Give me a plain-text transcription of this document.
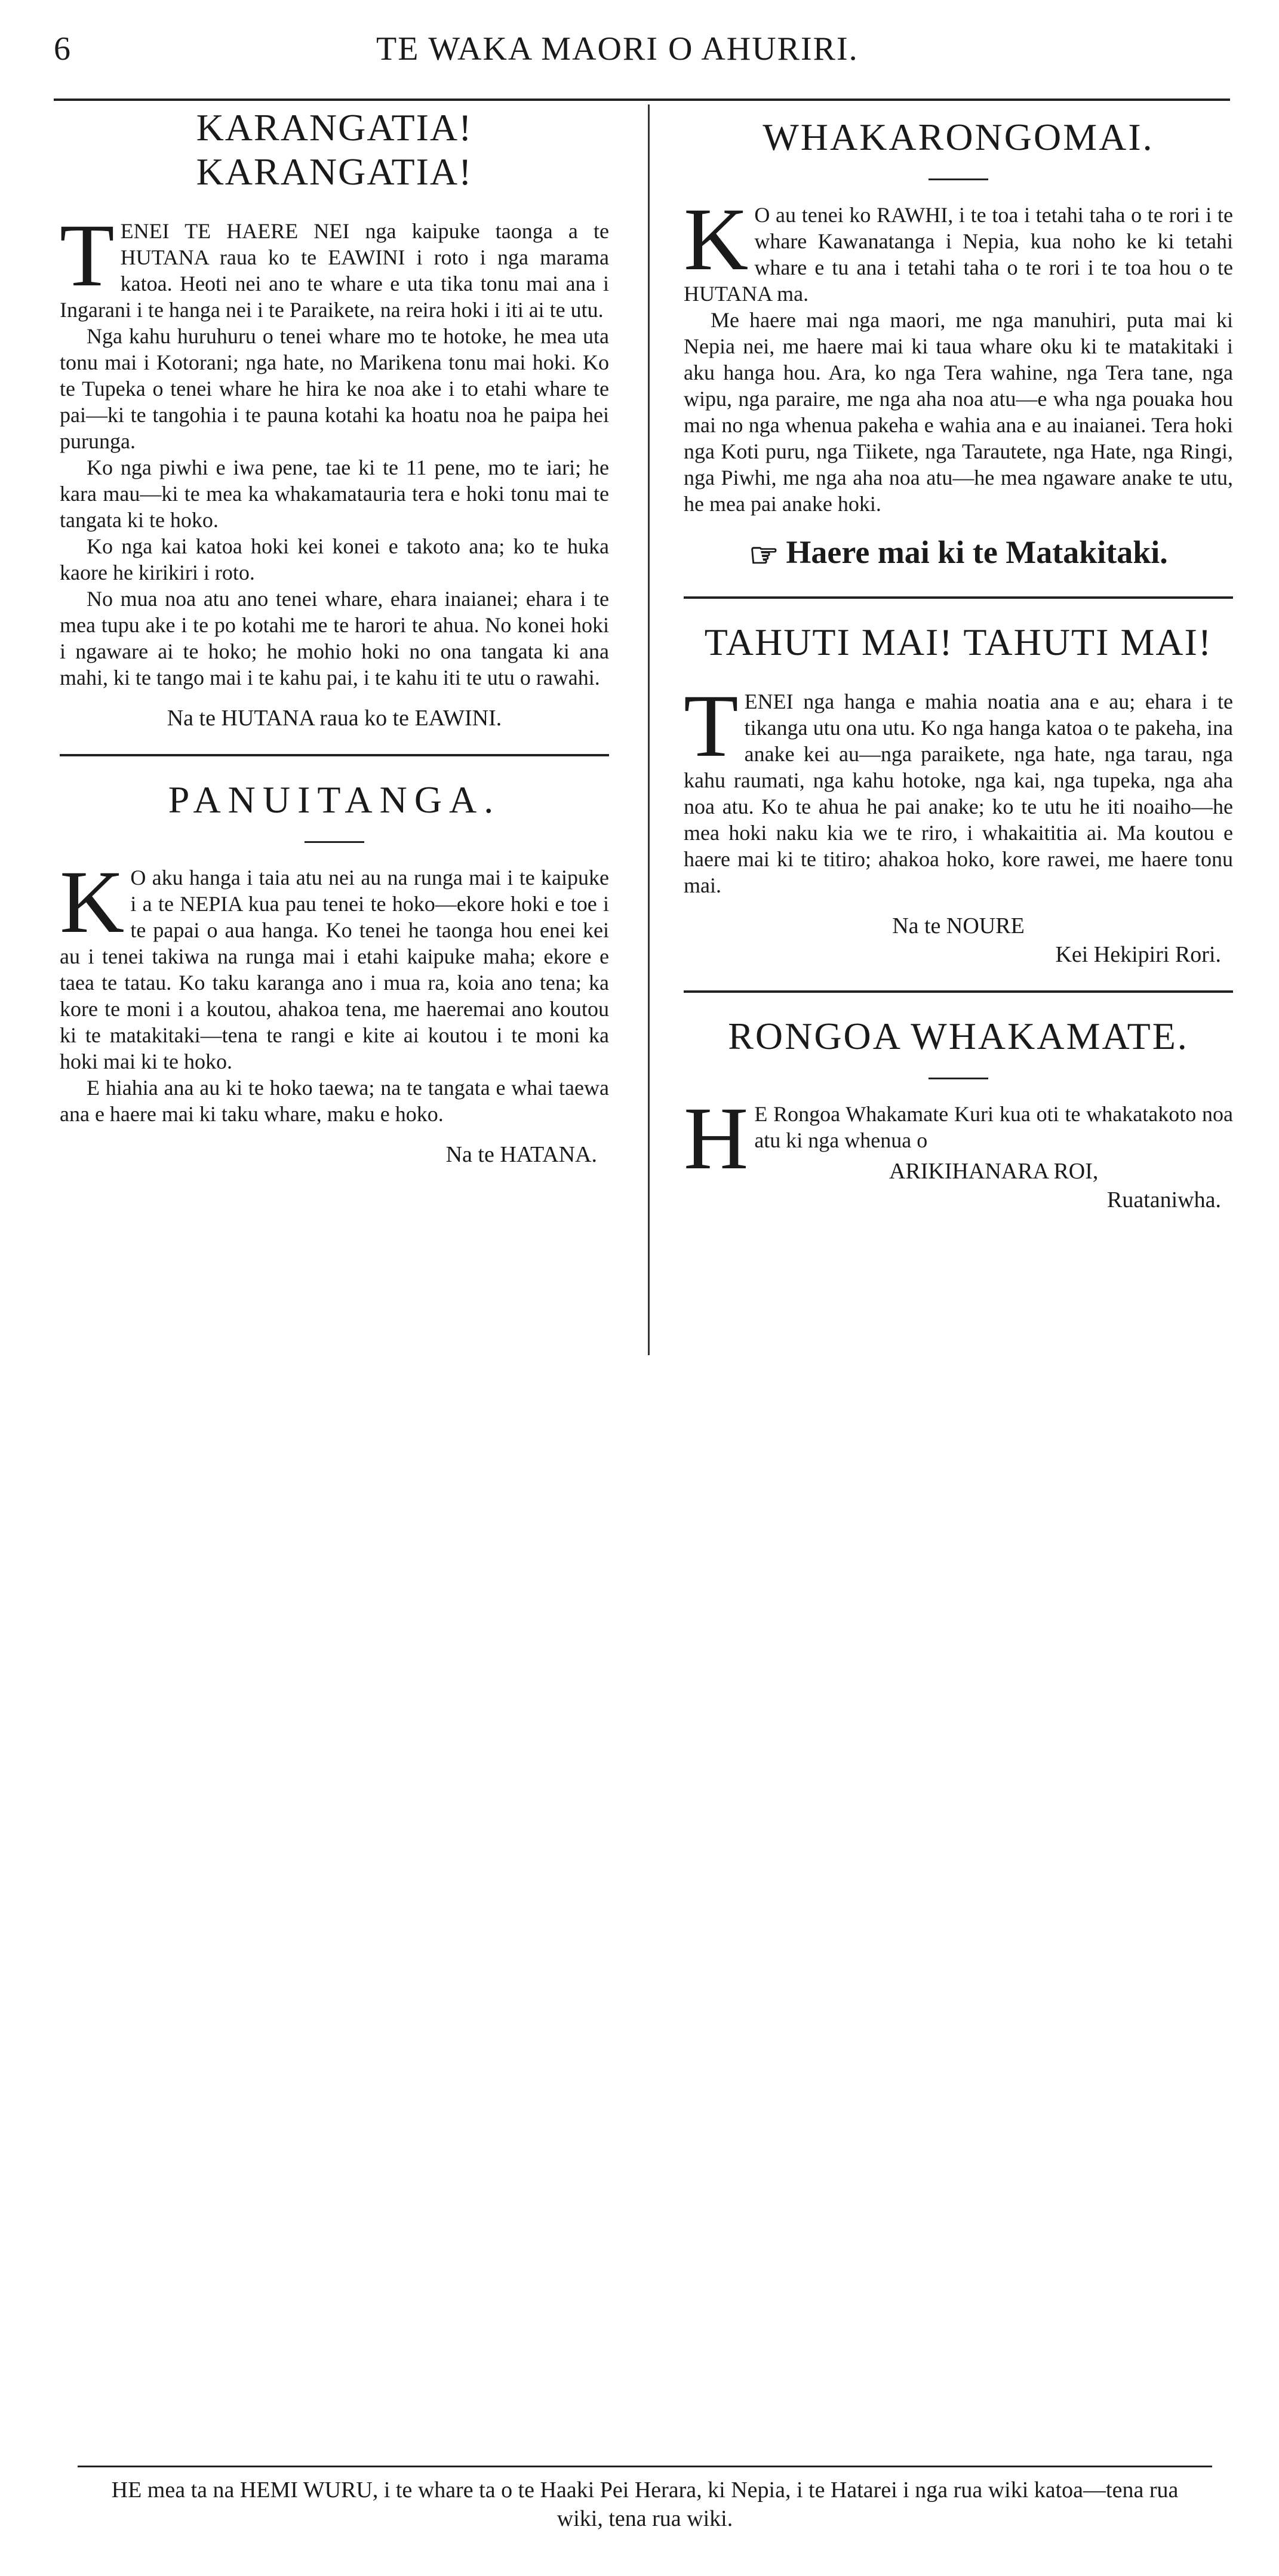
6	TE WAKA MAORI O AHURIRI.
KARANGATIA! KARANGATIA!

TENEI TE HAERE NEI nga kaipuke taonga a te HUTANA raua ko te EAWINI i roto i nga marama katoa. Heoti nei ano te whare e uta tika tonu mai ana i Ingarani i te hanga nei i te Paraikete, na reira hoki i iti ai te utu.

Nga kahu huruhuru o tenei whare mo te hotoke, he mea uta tonu mai i Kotorani; nga hate, no Marikena tonu mai hoki. Ko te Tupeka o tenei whare he hira ke noa ake i to etahi whare te pai—ki te tangohia i te pauna kotahi ka hoatu noa he paipa hei purunga.

Ko nga piwhi e iwa pene, tae ki te 11 pene, mo te iari; he kara mau—ki te mea ka whakamatauria tera e hoki tonu mai te tangata ki te hoko.

Ko nga kai katoa hoki kei konei e takoto ana; ko te huka kaore he kirikiri i roto.

No mua noa atu ano tenei whare, ehara inaianei; ehara i te mea tupu ake i te po kotahi me te harori te ahua. No konei hoki i ngaware ai te hoko; he mohio hoki no ona tangata ki ana mahi, ki te tango mai i te kahu pai, i te kahu iti te utu o rawahi.

Na te HUTANA raua ko te EAWINI.
PANUITANGA.

K O aku hanga i taia atu nei au na runga mai i te kaipuke i a te NEPIA kua pau tenei te hoko—ekore hoki e toe i te papai o aua hanga. Ko tenei he taonga hou enei kei au i tenei takiwa na runga mai i etahi kaipuke maha; ekore e taea te tatau. Ko taku karanga ano i mua ra, koia ano tena; ka kore te moni i a koutou, ahakoa tena, me haeremai ano koutou ki te matakitaki—tena te rangi e kite ai koutou i te moni ka hoki mai ki te hoko.

E hiahia ana au ki te hoko taewa; na te tangata e whai taewa ana e haere mai ki taku whare, maku e hoko.

Na te HATANA.
WHAKARONGOMAI.

K O au tenei ko RAWHI, i te toa i tetahi taha o te rori i te whare Kawanatanga i Nepia, kua noho ke ki tetahi whare e tu ana i tetahi taha o te rori i te toa hou o te HUTANA ma.

Me haere mai nga maori, me nga manuhiri, puta mai ki Nepia nei, me haere mai ki taua whare oku ki te matakitaki i aku hanga hou. Ara, ko nga Tera wahine, nga Tera tane, nga wipu, nga paraire, me nga aha noa atu—e wha nga pouaka hou mai no nga whenua pakeha e wahia ana e au inaianei. Tera hoki nga Koti puru, nga Tiikete, nga Tarautete, nga Hate, nga Ringi, nga Piwhi, me nga aha noa atu—he mea ngaware anake te utu, he mea pai anake hoki.

☞ Haere mai ki te Matakitaki.
TAHUTI MAI! TAHUTI MAI!

TENEI nga hanga e mahia noatia ana e au; ehara i te tikanga utu ona utu. Ko nga hanga katoa o te pakeha, ina anake kei au—nga paraikete, nga hate, nga tarau, nga kahu raumati, nga kahu hotoke, nga kai, nga tupeka, nga aha noa atu. Ko te ahua he pai anake; ko te utu he iti noaiho—he mea hoki naku kia we te riro, i whakaititia ai. Ma koutou e haere mai ki te titiro; ahakoa hoko, kore rawei, me haere tonu mai.

Na te NOURE
Kei Hekipiri Rori.
RONGOA WHAKAMATE.

H E Rongoa Whakamate Kuri kua oti te whakatakoto noa atu ki nga whenua o

ARIKIHANARA ROI,
Ruataniwha.
HE mea ta na HEMI WURU, i te whare ta o te Haaki Pei Herara, ki Nepia, i te Hatarei i nga rua wiki katoa—tena rua wiki, tena rua wiki.
